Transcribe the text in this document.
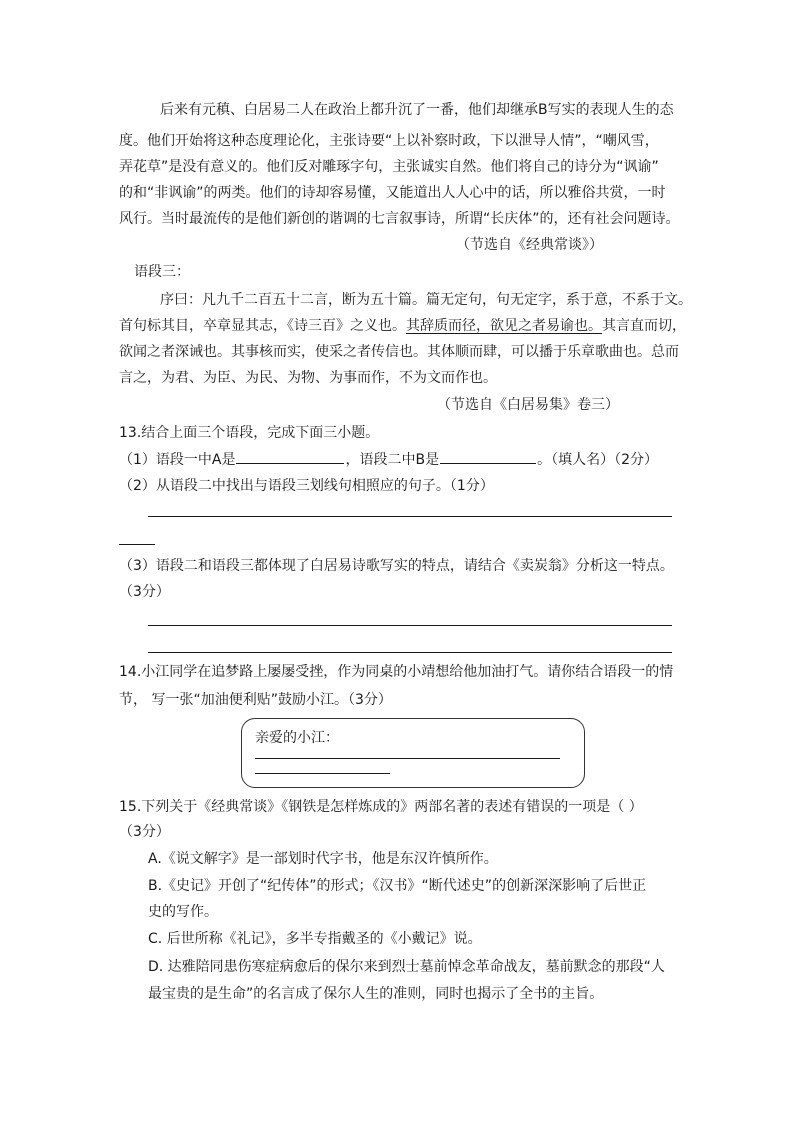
后来有元稹、白居易二人在政治上都升沉了一番，他们却继承B写实的表现人生的态
度。他们开始将这种态度理论化，主张诗要“上以补察时政，下以泄导人情”，“嘲风雪，
弄花草”是没有意义的。他们反对雕琢字句，主张诚实自然。他们将自己的诗分为“讽谕”
的和“非讽谕”的两类。他们的诗却容易懂，又能道出人人心中的话，所以雅俗共赏，一时
风行。当时最流传的是他们新创的谐调的七言叙事诗，所谓“长庆体”的，还有社会问题诗。
（节选自《经典常谈》）
语段三：
序曰：凡九千二百五十二言，断为五十篇。篇无定句，句无定字，系于意，不系于文。
首句标其目，卒章显其志，《诗三百》之义也。其辞质而径，欲见之者易谕也。其言直而切，
欲闻之者深诫也。其事核而实，使采之者传信也。其体顺而肆，可以播于乐章歌曲也。总而
言之，为君、为臣、为民、为物、为事而作，不为文而作也。
（节选自《白居易集》卷三）
13.结合上面三个语段，完成下面三小题。
（1）语段一中A是	，语段二中B是	。（填人名）（2分）
（2）从语段二中找出与语段三划线句相照应的句子。（1分）
（3）语段二和语段三都体现了白居易诗歌写实的特点，请结合《卖炭翁》分析这一特点。
（3分）
14.小江同学在追梦路上屡屡受挫，作为同桌的小靖想给他加油打气。请你结合语段一的情
节， 写一张“加油便利贴”鼓励小江。（3分）
亲爱的小江：
15.下列关于《经典常谈》《钢铁是怎样炼成的》两部名著的表述有错误的一项是（ ）
（3分）
A.《说文解字》是一部划时代字书，他是东汉许慎所作。
B.《史记》开创了“纪传体”的形式；《汉书》“断代述史”的创新深深影响了后世正
史的写作。
C. 后世所称《礼记》，多半专指戴圣的《小戴记》说。
D. 达雅陪同患伤寒症病愈后的保尔来到烈士墓前悼念革命战友，墓前默念的那段“人
最宝贵的是生命”的名言成了保尔人生的准则，同时也揭示了全书的主旨。
